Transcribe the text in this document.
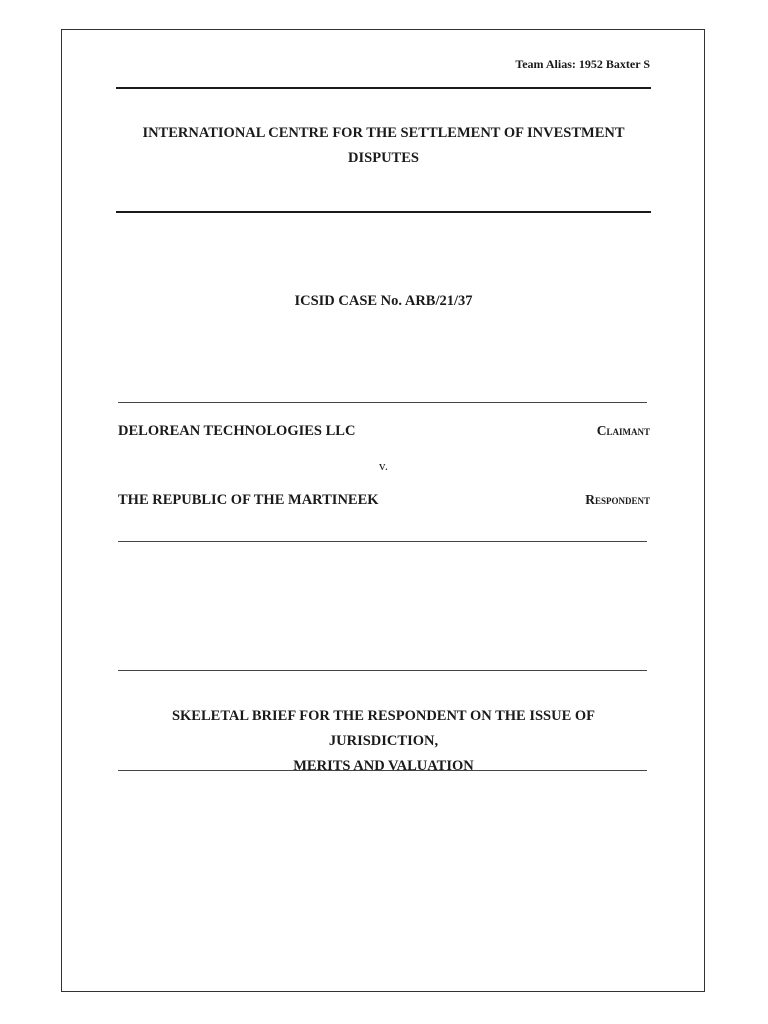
Team Alias: 1952 Baxter S
INTERNATIONAL CENTRE FOR THE SETTLEMENT OF INVESTMENT
DISPUTES
ICSID CASE No. ARB/21/37
DELOREAN TECHNOLOGIES LLC	Claimant
v.
THE REPUBLIC OF THE MARTINEEK	Respondent
SKELETAL BRIEF FOR THE RESPONDENT ON THE ISSUE OF JURISDICTION,
MERITS AND VALUATION
